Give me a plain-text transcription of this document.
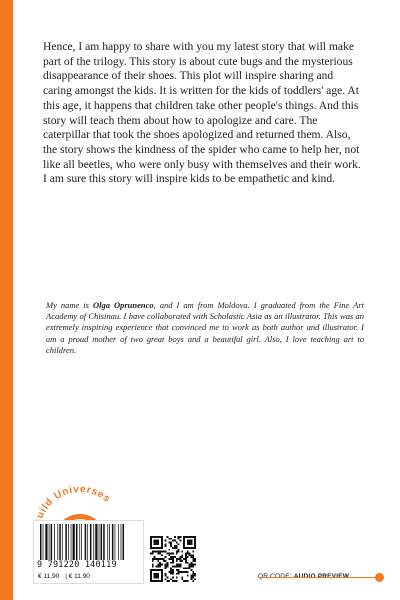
Hence, I am happy to share with you my latest story that will make part of the trilogy. This story is about cute bugs and the mysterious disappearance of their shoes. This plot will inspire sharing and caring amongst the kids. It is written for the kids of toddlers' age. At this age, it happens that children take other people's things. And this story will teach them about how to apologize and care. The caterpillar that took the shoes apologized and returned them. Also, the story shows the kindness of the spider who came to help her, not like all beetles, who were only busy with themselves and their work. I am sure this story will inspire kids to be empathetic and kind.

My name is Olga Oprunenco, and I am from Moldova. I graduated from the Fine Art Academy of Chisinau. I have collaborated with Scholastic Asia as an illustrator. This was an extremely inspiring experience that convinced me to work as both author and illustrator. I am a proud mother of two great boys and a beautiful girl. Also, I love teaching art to children.

uild Universes
9 791220 140119
€ 11,90 | € 11.90
